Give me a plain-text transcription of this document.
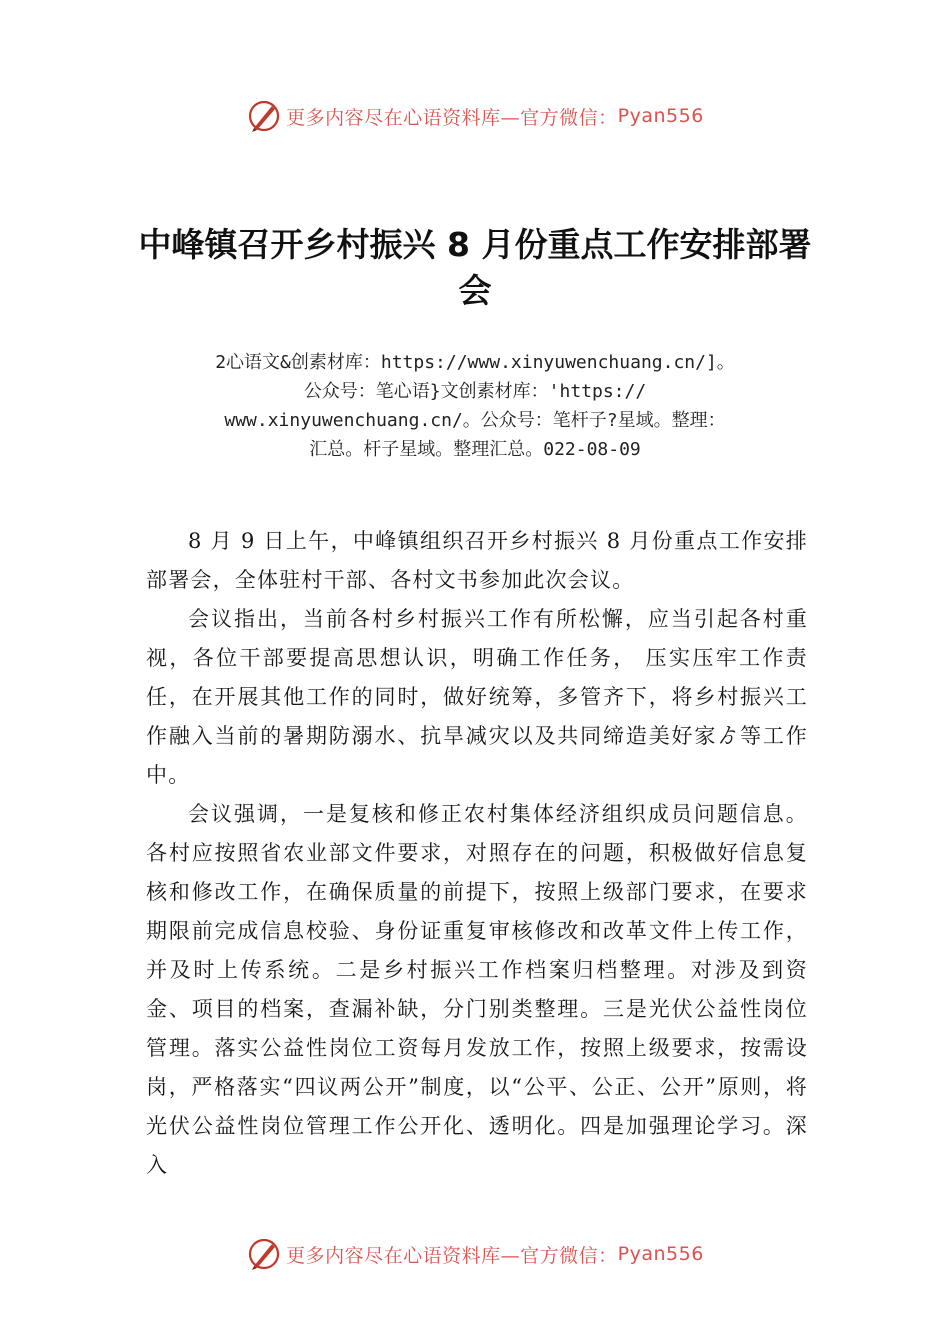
更多内容尽在心语资料库—官方微信： Pyan556
中峰镇召开乡村振兴 8 月份重点工作安排部署会
2心语文&创素材库：https://www.xinyuwenchuang.cn/]。
公众号：笔心语}文创素材库：'https://
www.xinyuwenchuang.cn/。公众号：笔杆子?星域。整理：
汇总。杆子星域。整理汇总。022-08-09

8 月 9 日上午，中峰镇组织召开乡村振兴 8 月份重点工作安排部署会，全体驻村干部、各村文书参加此次会议。

会议指出，当前各村乡村振兴工作有所松懈，应当引起各村重视，各位干部要提高思想认识，明确工作任务， 压实压牢工作责任，在开展其他工作的同时，做好统筹，多管齐下，将乡村振兴工作融入当前的暑期防溺水、抗旱减灾以及共同缔造美好家ゟ等工作中。

会议强调，一是复核和修正农村集体经济组织成员问题信息。各村应按照省农业部文件要求，对照存在的问题，积极做好信息复核和修改工作，在确保质量的前提下，按照上级部门要求，在要求期限前完成信息校验、身份证重复审核修改和改革文件上传工作，并及时上传系统。二是乡村振兴工作档案归档整理。对涉及到资金、项目的档案，查漏补缺，分门别类整理。三是光伏公益性岗位管理。落实公益性岗位工资每月发放工作，按照上级要求，按需设岗，严格落实“四议两公开”制度，以“公平、公正、公开”原则，将光伏公益性岗位管理工作公开化、透明化。四是加强理论学习。深入

更多内容尽在心语资料库—官方微信： Pyan556
